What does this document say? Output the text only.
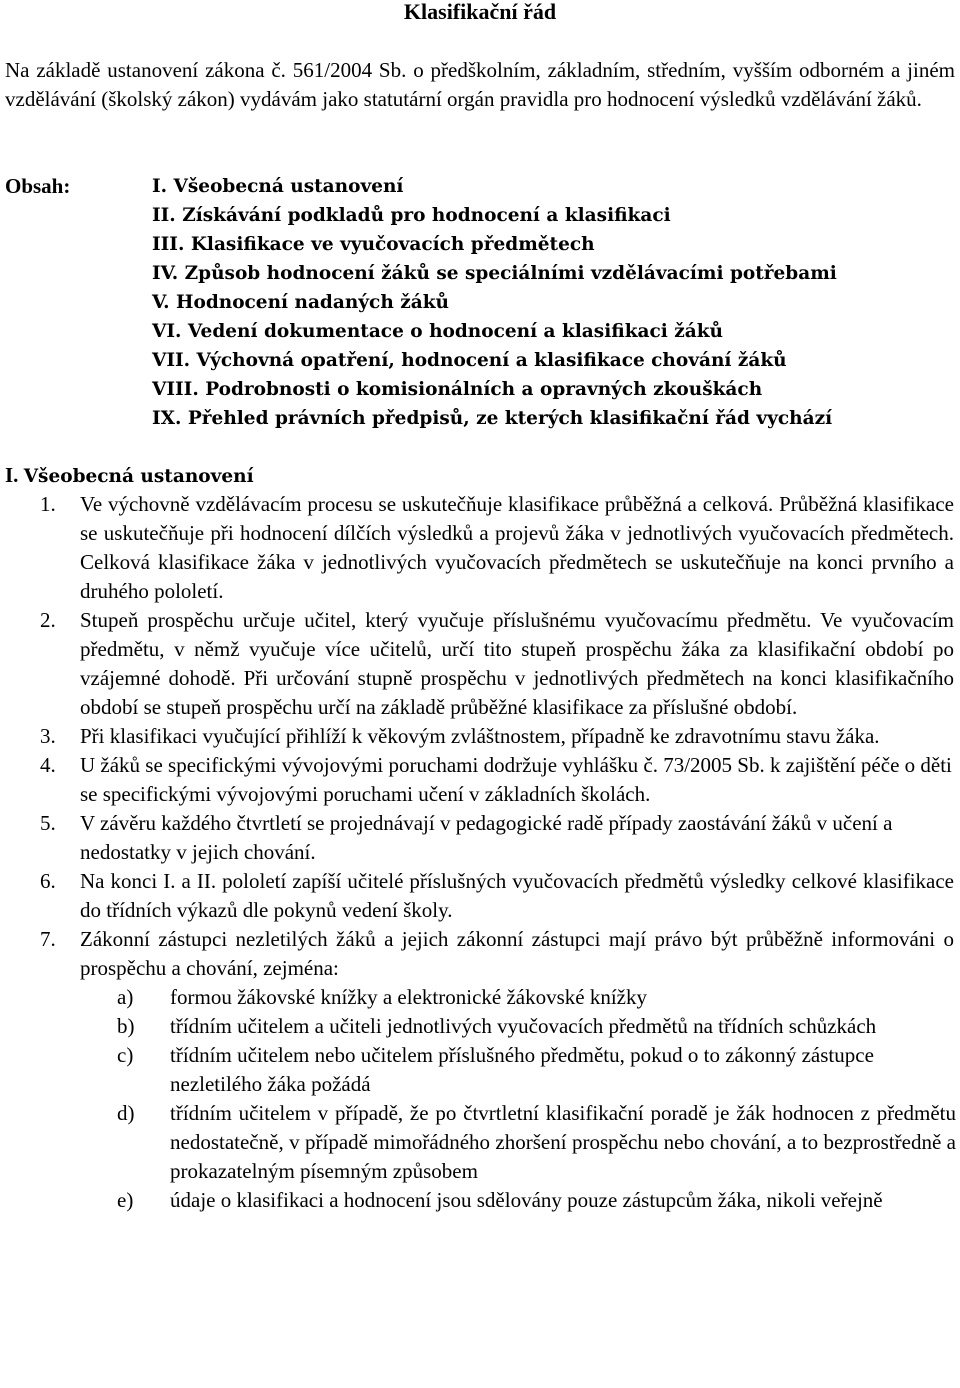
Klasifikační řád
Na základě ustanovení zákona č. 561/2004 Sb. o předškolním, základním, středním, vyšším odborném a jiném vzdělávání (školský zákon) vydávám jako statutární orgán pravidla pro hodnocení výsledků vzdělávání žáků.
Obsah:	I. Všeobecná ustanovení
II. Získávání podkladů pro hodnocení a klasifikaci
III. Klasifikace ve vyučovacích předmětech
IV. Způsob hodnocení žáků se speciálními vzdělávacími potřebami
V. Hodnocení nadaných žáků
VI. Vedení dokumentace o hodnocení a klasifikaci žáků
VII. Výchovná opatření, hodnocení a klasifikace chování žáků
VIII. Podrobnosti o komisionálních a opravných zkouškách
IX. Přehled právních předpisů, ze kterých klasifikační řád vychází
I. Všeobecná ustanovení
1. Ve výchovně vzdělávacím procesu se uskutečňuje klasifikace průběžná a celková. Průběžná klasifikace se uskutečňuje při hodnocení dílčích výsledků a projevů žáka v jednotlivých vyučovacích předmětech. Celková klasifikace žáka v jednotlivých vyučovacích předmětech se uskutečňuje na konci prvního a druhého pololetí.
2. Stupeň prospěchu určuje učitel, který vyučuje příslušnému vyučovacímu předmětu. Ve vyučovacím předmětu, v němž vyučuje více učitelů, určí tito stupeň prospěchu žáka za klasifikační období po vzájemné dohodě. Při určování stupně prospěchu v jednotlivých předmětech na konci klasifikačního období se stupeň prospěchu určí na základě průběžné klasifikace za příslušné období.
3. Při klasifikaci vyučující přihlíží k věkovým zvláštnostem, případně ke zdravotnímu stavu žáka.
4. U žáků se specifickými vývojovými poruchami dodržuje vyhlášku č. 73/2005 Sb. k zajištění péče o děti se specifickými vývojovými poruchami učení v základních školách.
5. V závěru každého čtvrtletí se projednávají v pedagogické radě případy zaostávání žáků v učení a nedostatky v jejich chování.
6. Na konci I. a II. pololetí zapíší učitelé příslušných vyučovacích předmětů výsledky celkové klasifikace do třídních výkazů dle pokynů vedení školy.
7. Zákonní zástupci nezletilých žáků a jejich zákonní zástupci mají právo být průběžně informováni o prospěchu a chování, zejména:
a) formou žákovské knížky a elektronické žákovské knížky
b) třídním učitelem a učiteli jednotlivých vyučovacích předmětů na třídních schůzkách
c) třídním učitelem nebo učitelem příslušného předmětu, pokud o to zákonný zástupce nezletilého žáka požádá
d) třídním učitelem v případě, že po čtvrtletní klasifikační poradě je žák hodnocen z předmětu nedostatečně, v případě mimořádného zhoršení prospěchu nebo chování, a to bezprostředně a prokazatelným písemným způsobem
e) údaje o klasifikaci a hodnocení jsou sdělovány pouze zástupcům žáka, nikoli veřejně
